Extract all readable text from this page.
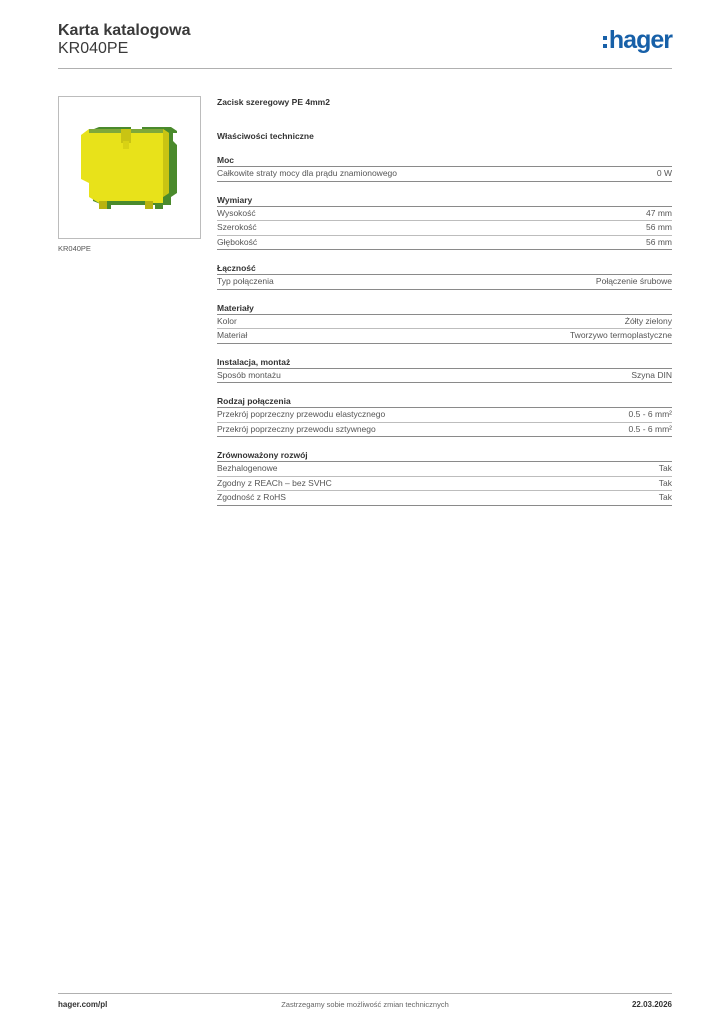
Karta katalogowa
KR040PE	hager
KR040PE
Zacisk szeregowy PE 4mm2
Właściwości techniczne
Moc
Całkowite straty mocy dla prądu znamionowego	0 W
Wymiary
Wysokość	47 mm
Szerokość	56 mm
Głębokość	56 mm
Łączność
Typ połączenia	Połączenie śrubowe
Materiały
Kolor	Żółty zielony
Materiał	Tworzywo termoplastyczne
Instalacja, montaż
Sposób montażu	Szyna DIN
Rodzaj połączenia
Przekrój poprzeczny przewodu elastycznego	0.5 - 6 mm²
Przekrój poprzeczny przewodu sztywnego	0.5 - 6 mm²
Zrównoważony rozwój
Bezhalogenowe	Tak
Zgodny z REACh – bez SVHC	Tak
Zgodność z RoHS	Tak
hager.com/pl	Zastrzegamy sobie możliwość zmian technicznych	22.03.2026
